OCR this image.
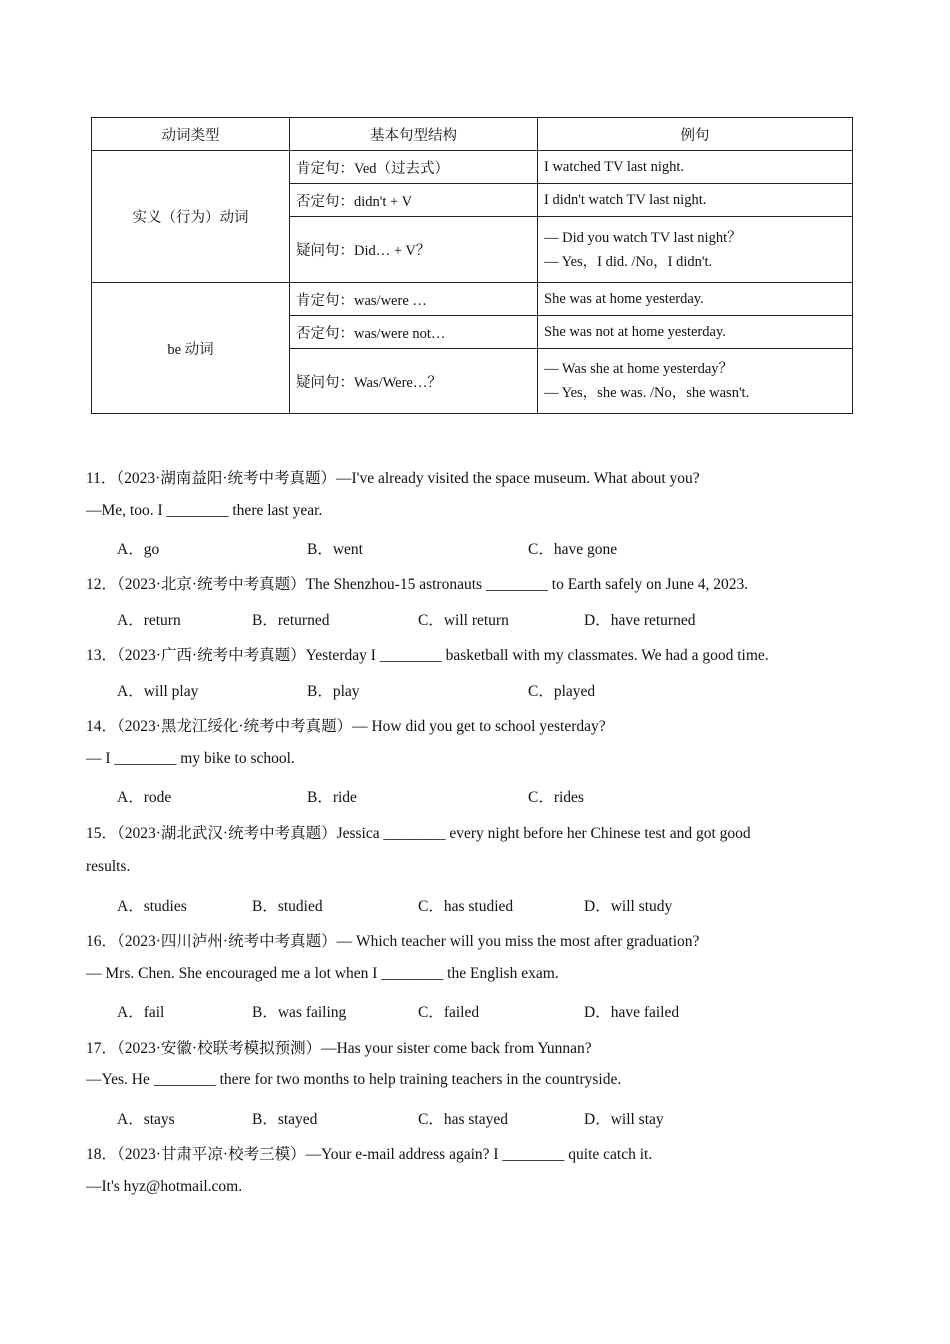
动词类型	基本句型结构	例句
实义（行为）动词	肯定句：Ved（过去式）	I watched TV last night.

	否定句：didn't + V	I didn't watch TV last night.

	疑问句：Did… + V？	— Did you watch TV last night？
— Yes，I did. /No，I didn't.

be 动词	肯定句：was/were …	She was at home yesterday.

	否定句：was/were not…	She was not at home yesterday.

	疑问句：Was/Were…？	— Was she at home yesterday？
— Yes，she was. /No，she wasn't.
11．（2023·湖南益阳·统考中考真题）—I've already visited the space museum. What about you?
—Me, too. I ________ there last year.
A．go	B．went	C．have gone
12．（2023·北京·统考中考真题）The Shenzhou-15 astronauts ________ to Earth safely on June 4, 2023.
A．return	B．returned	C．will return	D．have returned
13．（2023·广西·统考中考真题）Yesterday I ________ basketball with my classmates. We had a good time.
A．will play	B．play	C．played
14．（2023·黑龙江绥化·统考中考真题）— How did you get to school yesterday?
— I ________ my bike to school.
A．rode	B．ride	C．rides
15．（2023·湖北武汉·统考中考真题）Jessica ________ every night before her Chinese test and got good
results.
A．studies	B．studied	C．has studied	D．will study
16．（2023·四川泸州·统考中考真题）— Which teacher will you miss the most after graduation?
— Mrs. Chen. She encouraged me a lot when I ________ the English exam.
A．fail	B．was failing	C．failed	D．have failed
17．（2023·安徽·校联考模拟预测）—Has your sister come back from Yunnan?
—Yes. He ________ there for two months to help training teachers in the countryside.
A．stays	B．stayed	C．has stayed	D．will stay
18．（2023·甘肃平凉·校考三模）—Your e-mail address again? I ________ quite catch it.
—It's hyz@hotmail.com.
